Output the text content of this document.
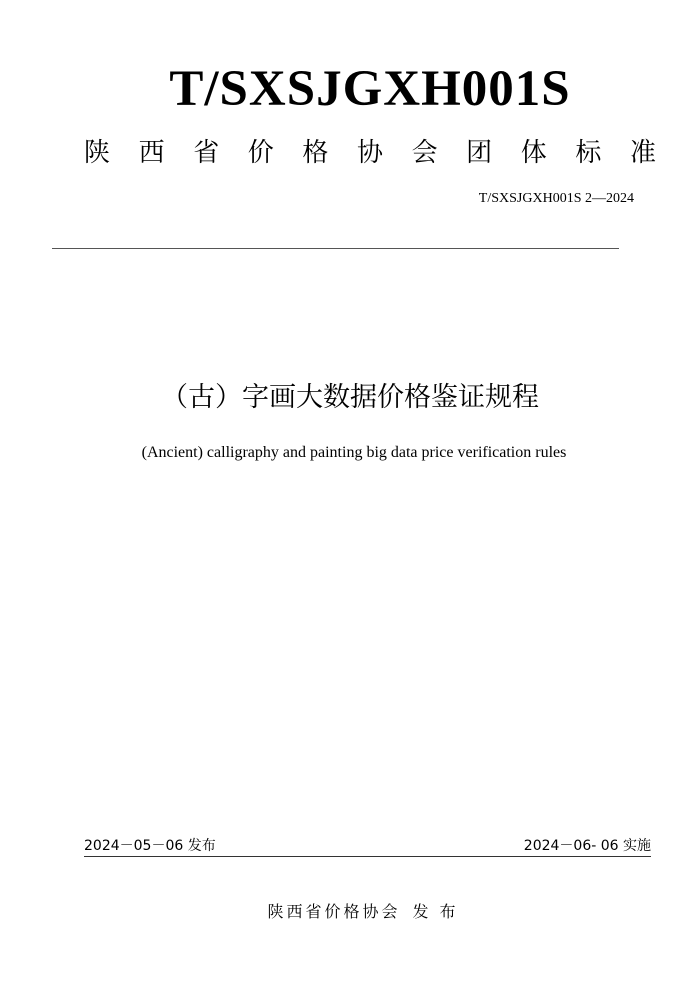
T/SXSJGXH001S
陕 西 省 价 格 协 会 团 体 标 准
T/SXSJGXH001S 2—2024
（古）字画大数据价格鉴证规程
(Ancient) calligraphy and painting big data price verification rules
2024－05－06 发布	2024－06- 06 实施
陕西省价格协会 发 布
